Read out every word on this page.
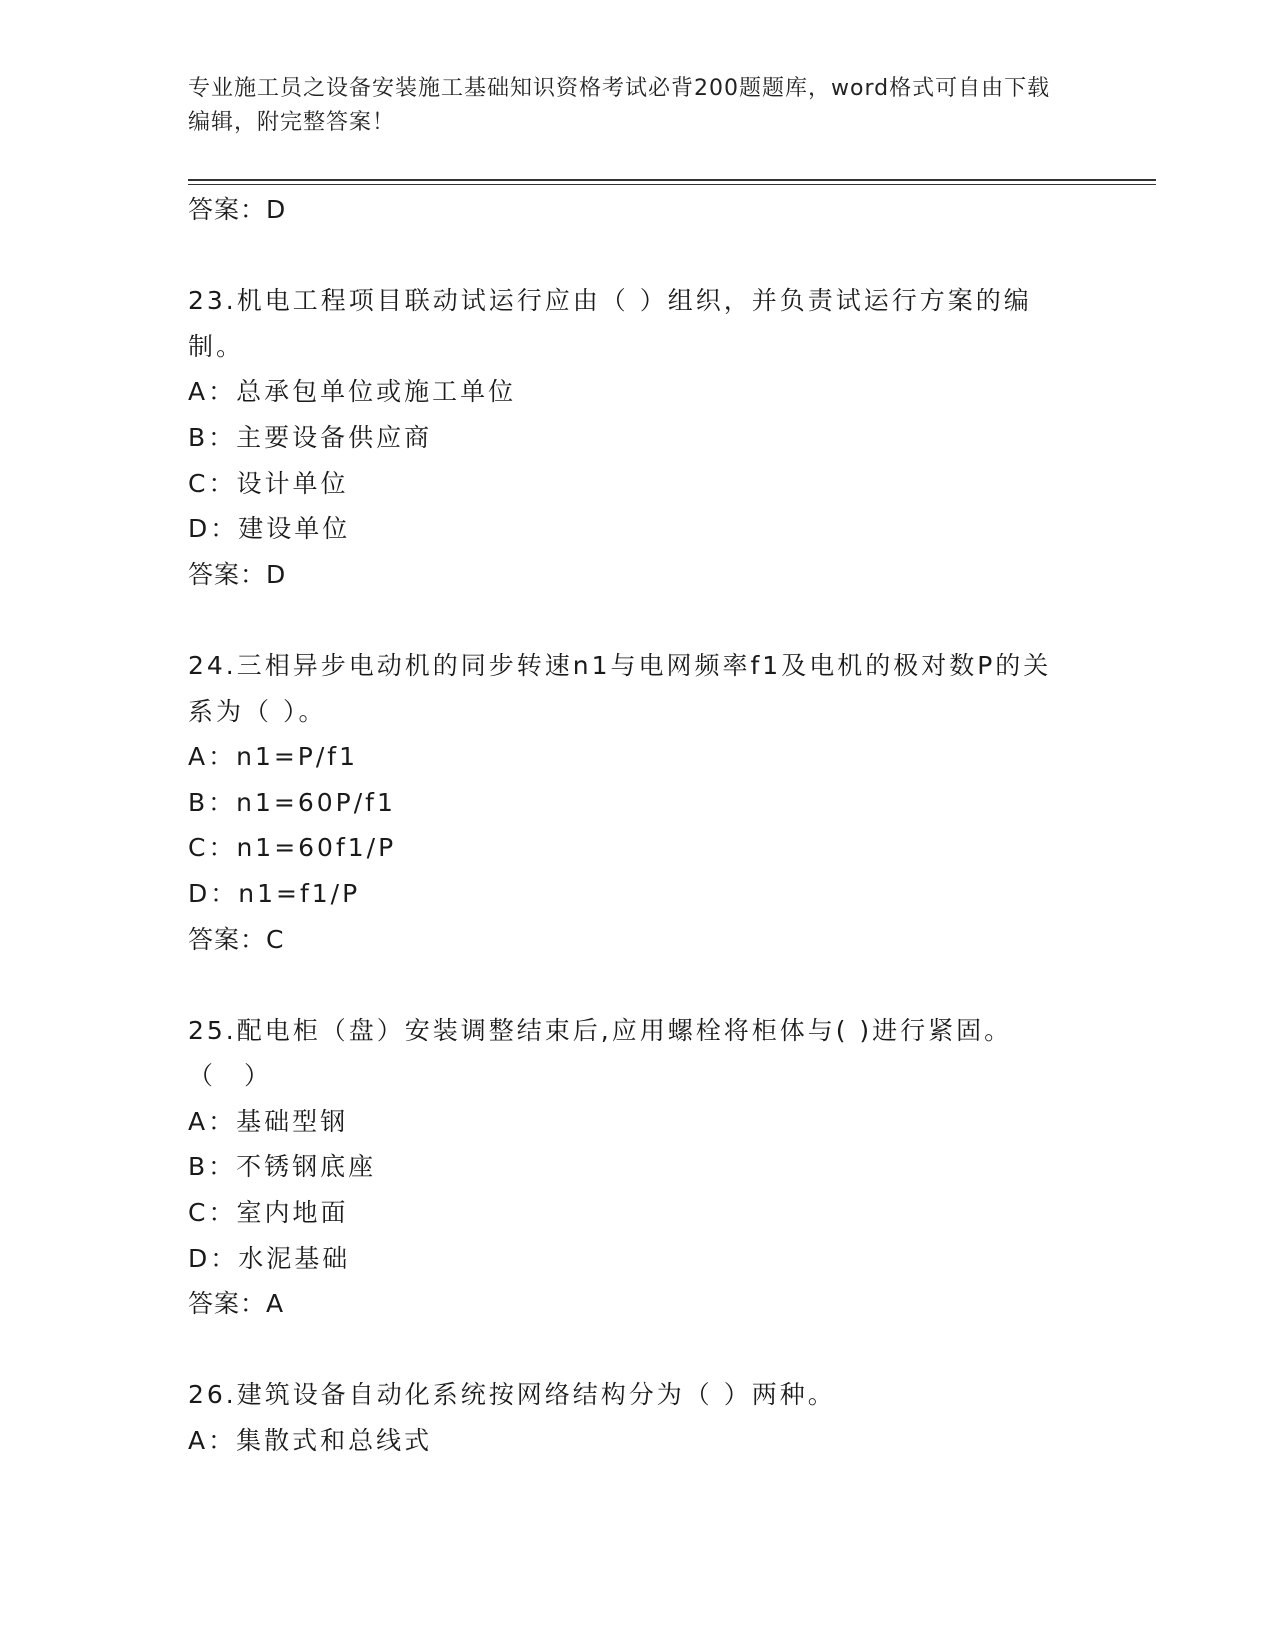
专业施工员之设备安装施工基础知识资格考试必背200题题库，word格式可自由下载编辑，附完整答案！
答案：D
23.机电工程项目联动试运行应由（ ）组织，并负责试运行方案的编制。
A：总承包单位或施工单位
B：主要设备供应商
C：设计单位
D：建设单位
答案：D
24.三相异步电动机的同步转速n1与电网频率f1及电机的极对数P的关系为（ ）。
A：n1=P/f1
B：n1=60P/f1
C：n1=60f1/P
D：n1=f1/P
答案：C
25.配电柜（盘）安装调整结束后,应用螺栓将柜体与( )进行紧固。（　）
A：基础型钢
B：不锈钢底座
C：室内地面
D：水泥基础
答案：A
26.建筑设备自动化系统按网络结构分为（ ）两种。
A：集散式和总线式
